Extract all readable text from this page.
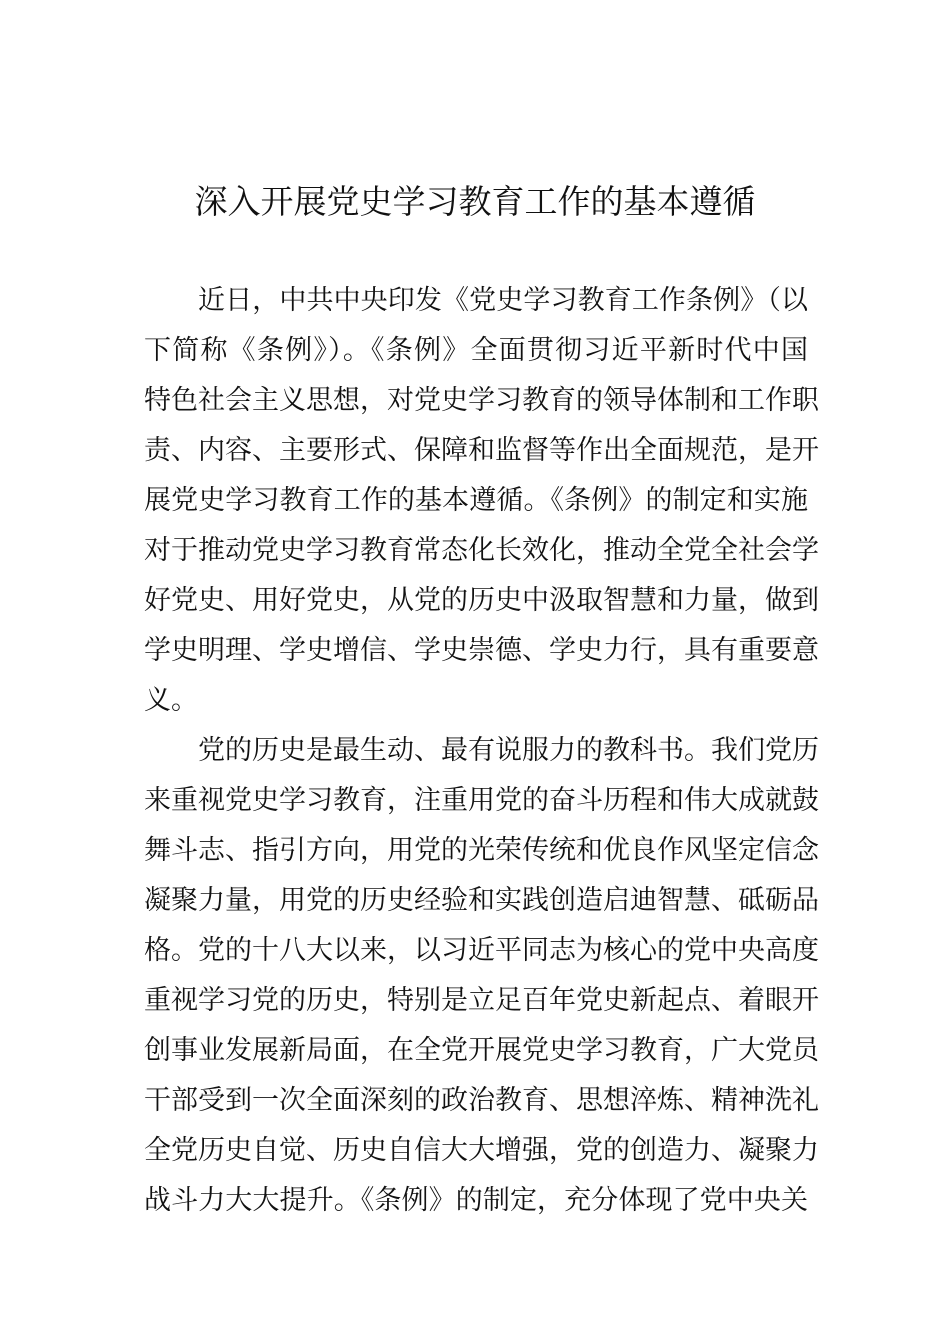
深入开展党史学习教育工作的基本遵循
近日，中共中央印发《党史学习教育工作条例》（以
下简称《条例》）。《条例》全面贯彻习近平新时代中国
特色社会主义思想，对党史学习教育的领导体制和工作职
责、内容、主要形式、保障和监督等作出全面规范，是开
展党史学习教育工作的基本遵循。《条例》的制定和实施
对于推动党史学习教育常态化长效化，推动全党全社会学
好党史、用好党史，从党的历史中汲取智慧和力量，做到
学史明理、学史增信、学史崇德、学史力行，具有重要意
义。
党的历史是最生动、最有说服力的教科书。我们党历
来重视党史学习教育，注重用党的奋斗历程和伟大成就鼓
舞斗志、指引方向，用党的光荣传统和优良作风坚定信念
凝聚力量，用党的历史经验和实践创造启迪智慧、砥砺品
格。党的十八大以来，以习近平同志为核心的党中央高度
重视学习党的历史，特别是立足百年党史新起点、着眼开
创事业发展新局面，在全党开展党史学习教育，广大党员
干部受到一次全面深刻的政治教育、思想淬炼、精神洗礼
全党历史自觉、历史自信大大增强，党的创造力、凝聚力
战斗力大大提升。《条例》的制定，充分体现了党中央关
